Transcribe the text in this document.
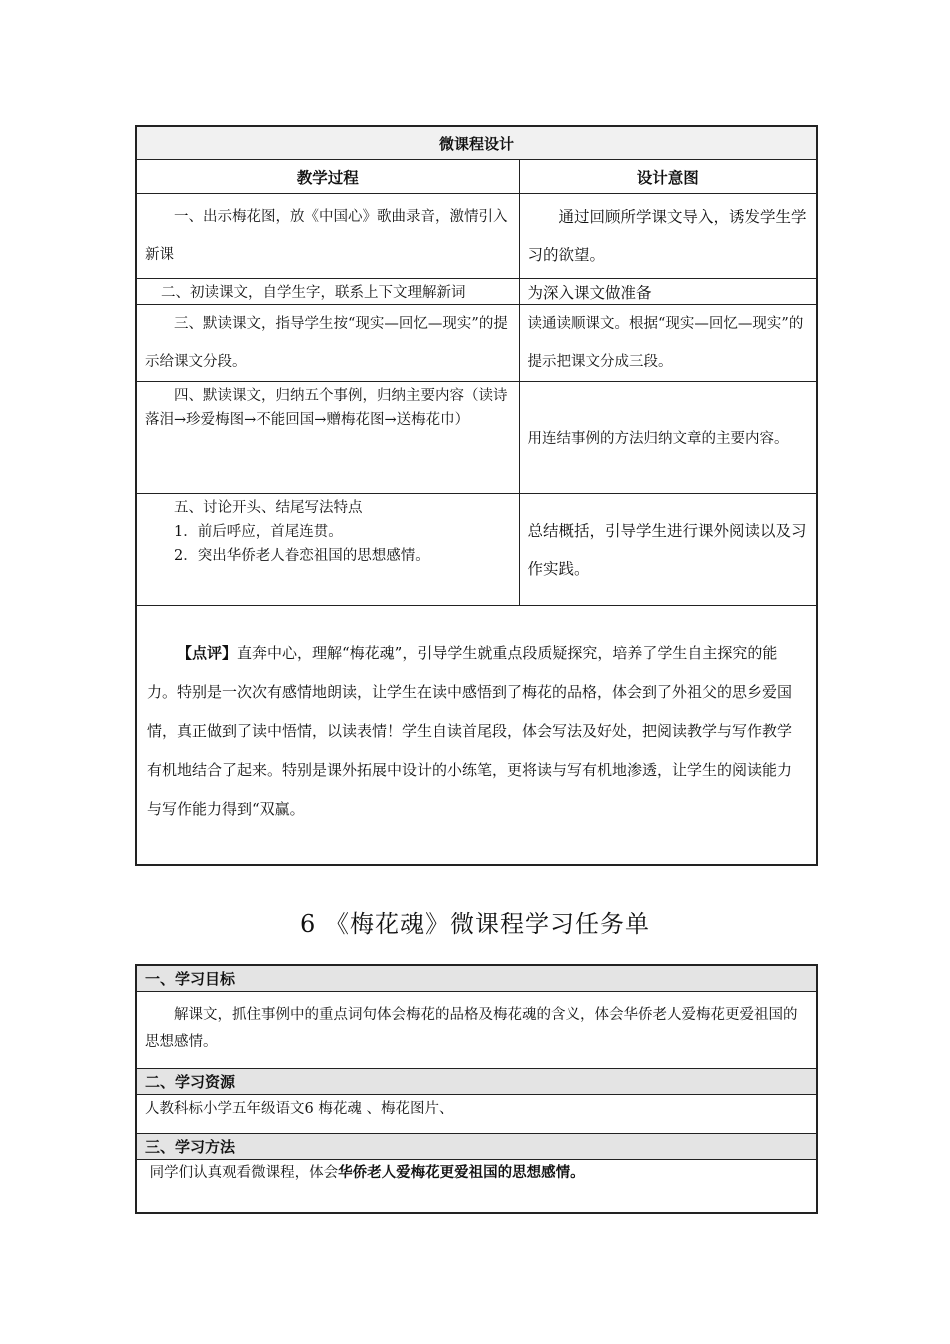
微课程设计	
教学过程	设计意图
一、出示梅花图，放《中国心》歌曲录音，激情引入新课	通过回顾所学课文导入，诱发学生学习的欲望。
二、初读课文，自学生字，联系上下文理解新词	为深入课文做准备
三、默读课文，指导学生按“现实—回忆—现实”的提示给课文分段。	读通读顺课文。根据“现实—回忆—现实”的提示把课文分成三段。
四、默读课文，归纳五个事例，归纳主要内容（读诗落泪→珍爱梅图→不能回国→赠梅花图→送梅花巾）	用连结事例的方法归纳文章的主要内容。

五、讨论开头、结尾写法特点
1．前后呼应，首尾连贯。
2．突出华侨老人眷恋祖国的思想感情。	总结概括，引导学生进行课外阅读以及习作实践。
【点评】直奔中心，理解“梅花魂”，引导学生就重点段质疑探究，培养了学生自主探究的能力。特别是一次次有感情地朗读，让学生在读中感悟到了梅花的品格，体会到了外祖父的思乡爱国情，真正做到了读中悟情，以读表情！学生自读首尾段，体会写法及好处，把阅读教学与写作教学有机地结合了起来。特别是课外拓展中设计的小练笔，更将读与写有机地渗透，让学生的阅读能力与写作能力得到“双赢。	
6 《梅花魂》微课程学习任务单
一、学习目标
解课文，抓住事例中的重点词句体会梅花的品格及梅花魂的含义，体会华侨老人爱梅花更爱祖国的思想感情。
二、学习资源
人教科标小学五年级语文6 梅花魂 、梅花图片、
三、学习方法
同学们认真观看微课程，体会华侨老人爱梅花更爱祖国的思想感情。
